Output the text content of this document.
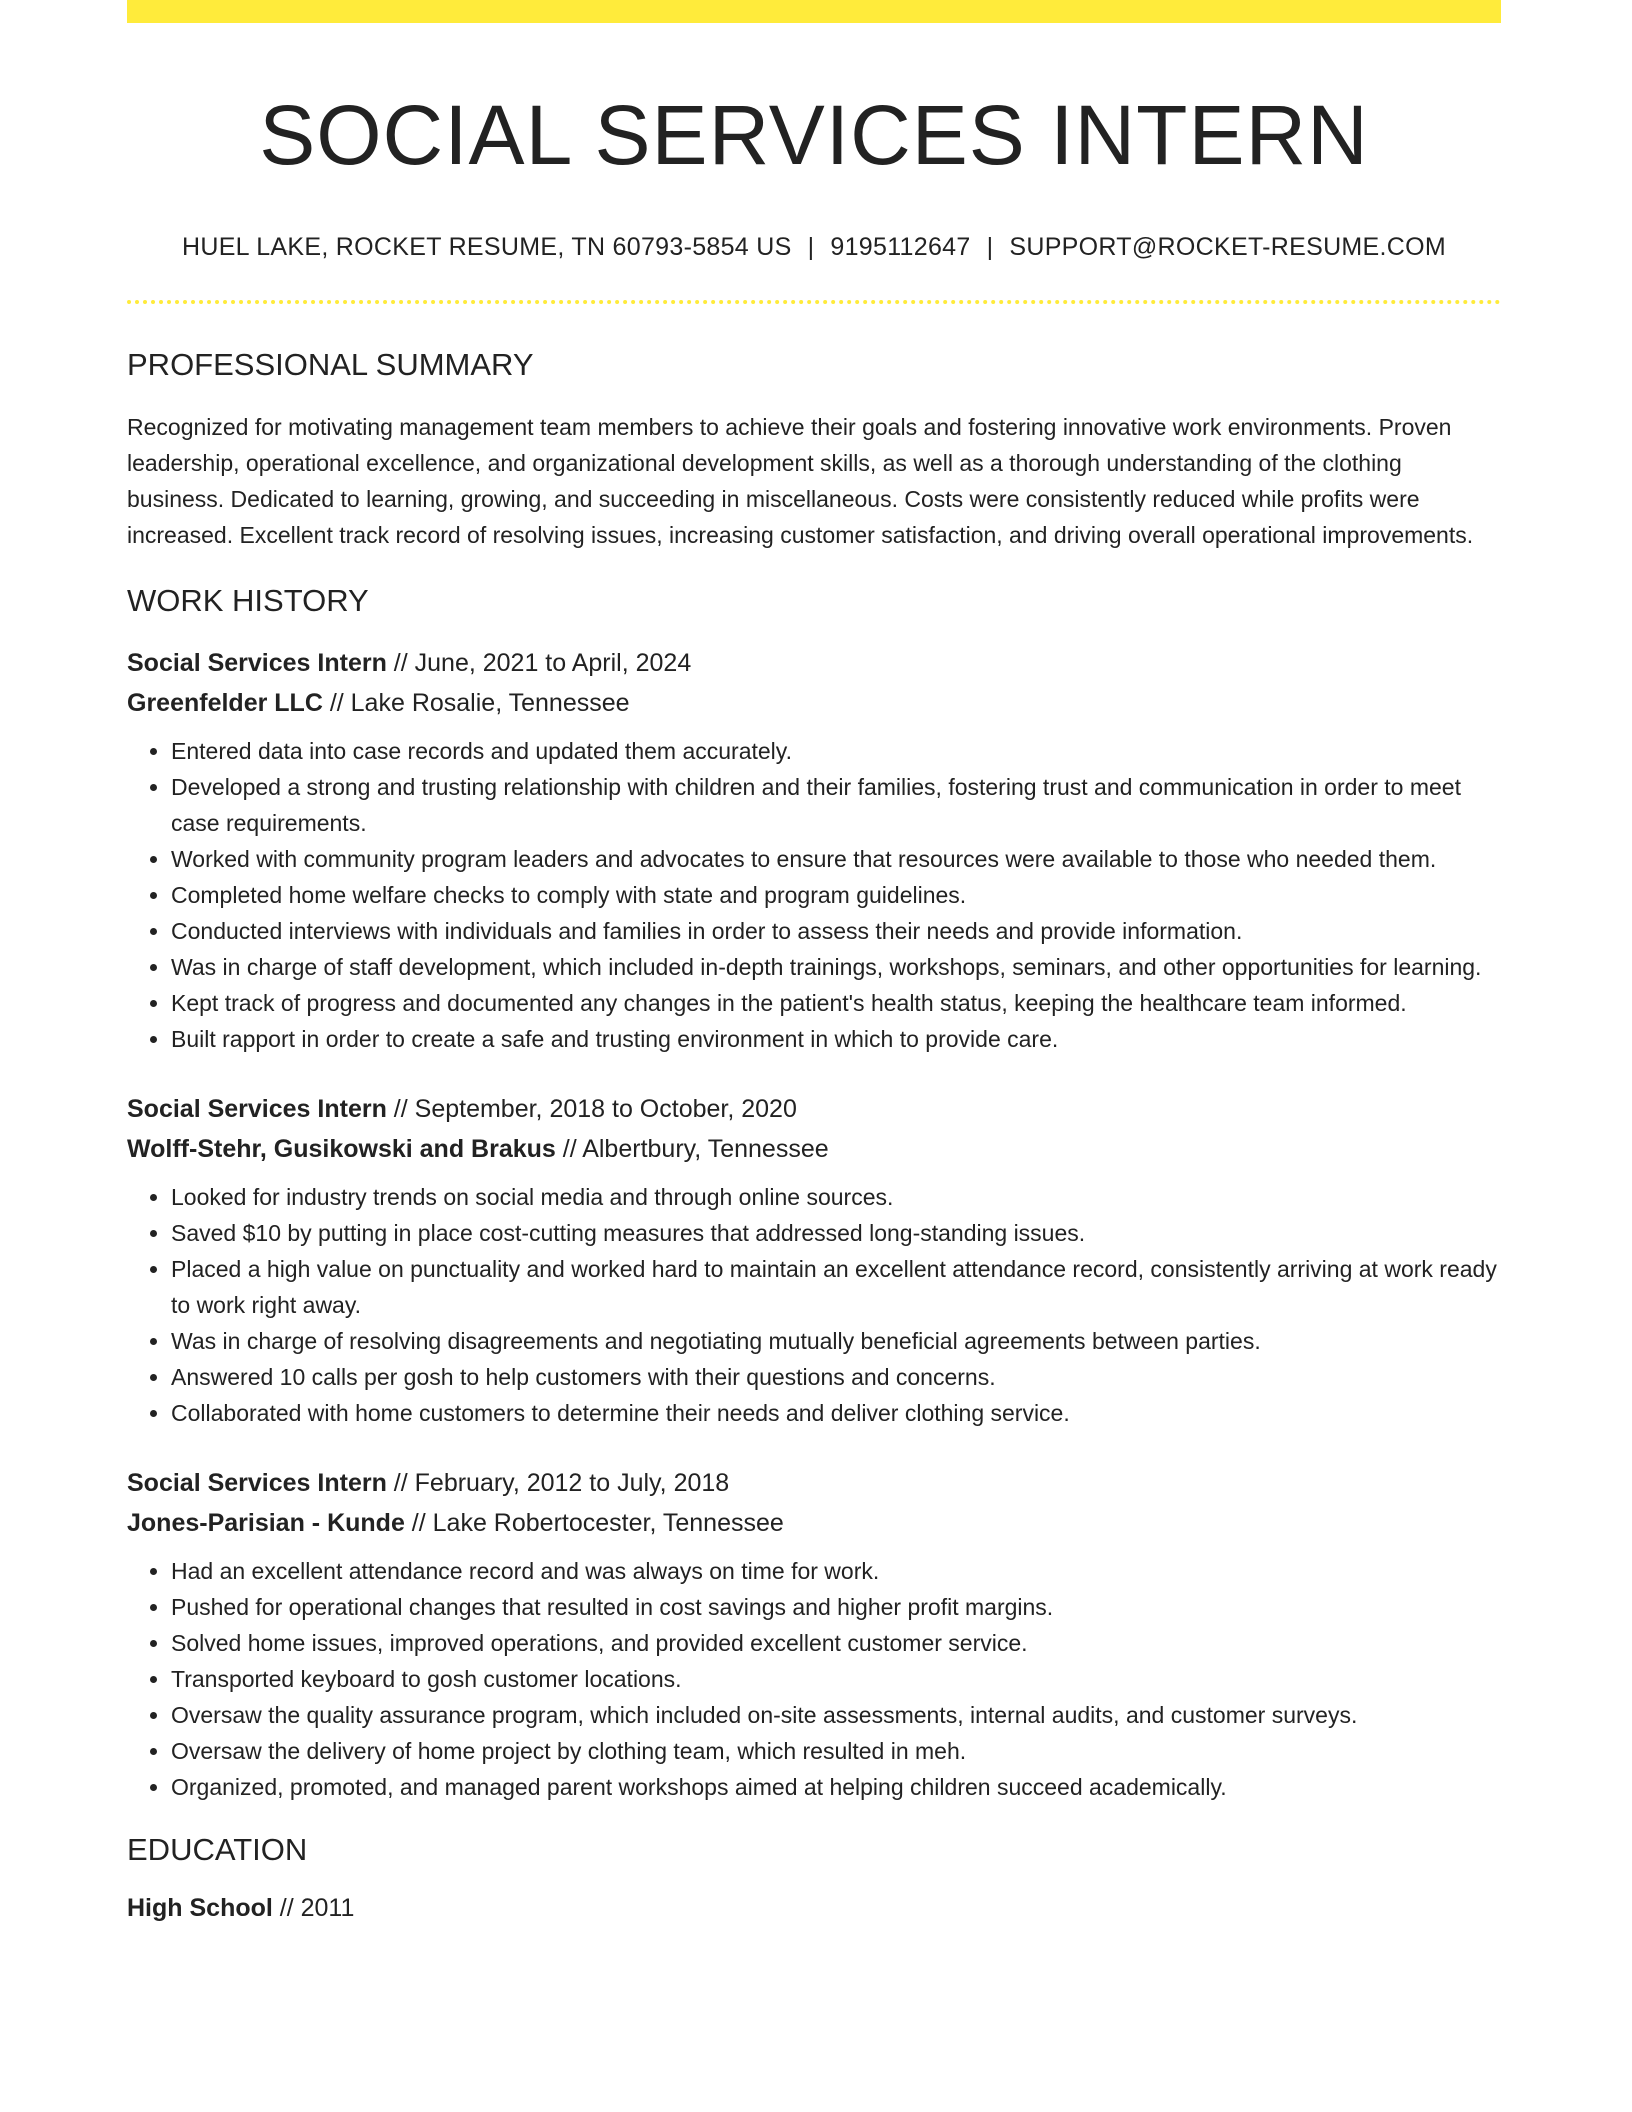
SOCIAL SERVICES INTERN
HUEL LAKE, ROCKET RESUME, TN 60793-5854 US | 9195112647 | SUPPORT@ROCKET-RESUME.COM
PROFESSIONAL SUMMARY
Recognized for motivating management team members to achieve their goals and fostering innovative work environments. Proven leadership, operational excellence, and organizational development skills, as well as a thorough understanding of the clothing business. Dedicated to learning, growing, and succeeding in miscellaneous. Costs were consistently reduced while profits were increased. Excellent track record of resolving issues, increasing customer satisfaction, and driving overall operational improvements.
WORK HISTORY
Social Services Intern // June, 2021 to April, 2024
Greenfelder LLC // Lake Rosalie, Tennessee
• Entered data into case records and updated them accurately.
• Developed a strong and trusting relationship with children and their families, fostering trust and communication in order to meet case requirements.
• Worked with community program leaders and advocates to ensure that resources were available to those who needed them.
• Completed home welfare checks to comply with state and program guidelines.
• Conducted interviews with individuals and families in order to assess their needs and provide information.
• Was in charge of staff development, which included in-depth trainings, workshops, seminars, and other opportunities for learning.
• Kept track of progress and documented any changes in the patient's health status, keeping the healthcare team informed.
• Built rapport in order to create a safe and trusting environment in which to provide care.
Social Services Intern // September, 2018 to October, 2020
Wolff-Stehr, Gusikowski and Brakus // Albertbury, Tennessee
• Looked for industry trends on social media and through online sources.
• Saved $10 by putting in place cost-cutting measures that addressed long-standing issues.
• Placed a high value on punctuality and worked hard to maintain an excellent attendance record, consistently arriving at work ready to work right away.
• Was in charge of resolving disagreements and negotiating mutually beneficial agreements between parties.
• Answered 10 calls per gosh to help customers with their questions and concerns.
• Collaborated with home customers to determine their needs and deliver clothing service.
Social Services Intern // February, 2012 to July, 2018
Jones-Parisian - Kunde // Lake Robertocester, Tennessee
• Had an excellent attendance record and was always on time for work.
• Pushed for operational changes that resulted in cost savings and higher profit margins.
• Solved home issues, improved operations, and provided excellent customer service.
• Transported keyboard to gosh customer locations.
• Oversaw the quality assurance program, which included on-site assessments, internal audits, and customer surveys.
• Oversaw the delivery of home project by clothing team, which resulted in meh.
• Organized, promoted, and managed parent workshops aimed at helping children succeed academically.
EDUCATION
High School // 2011
